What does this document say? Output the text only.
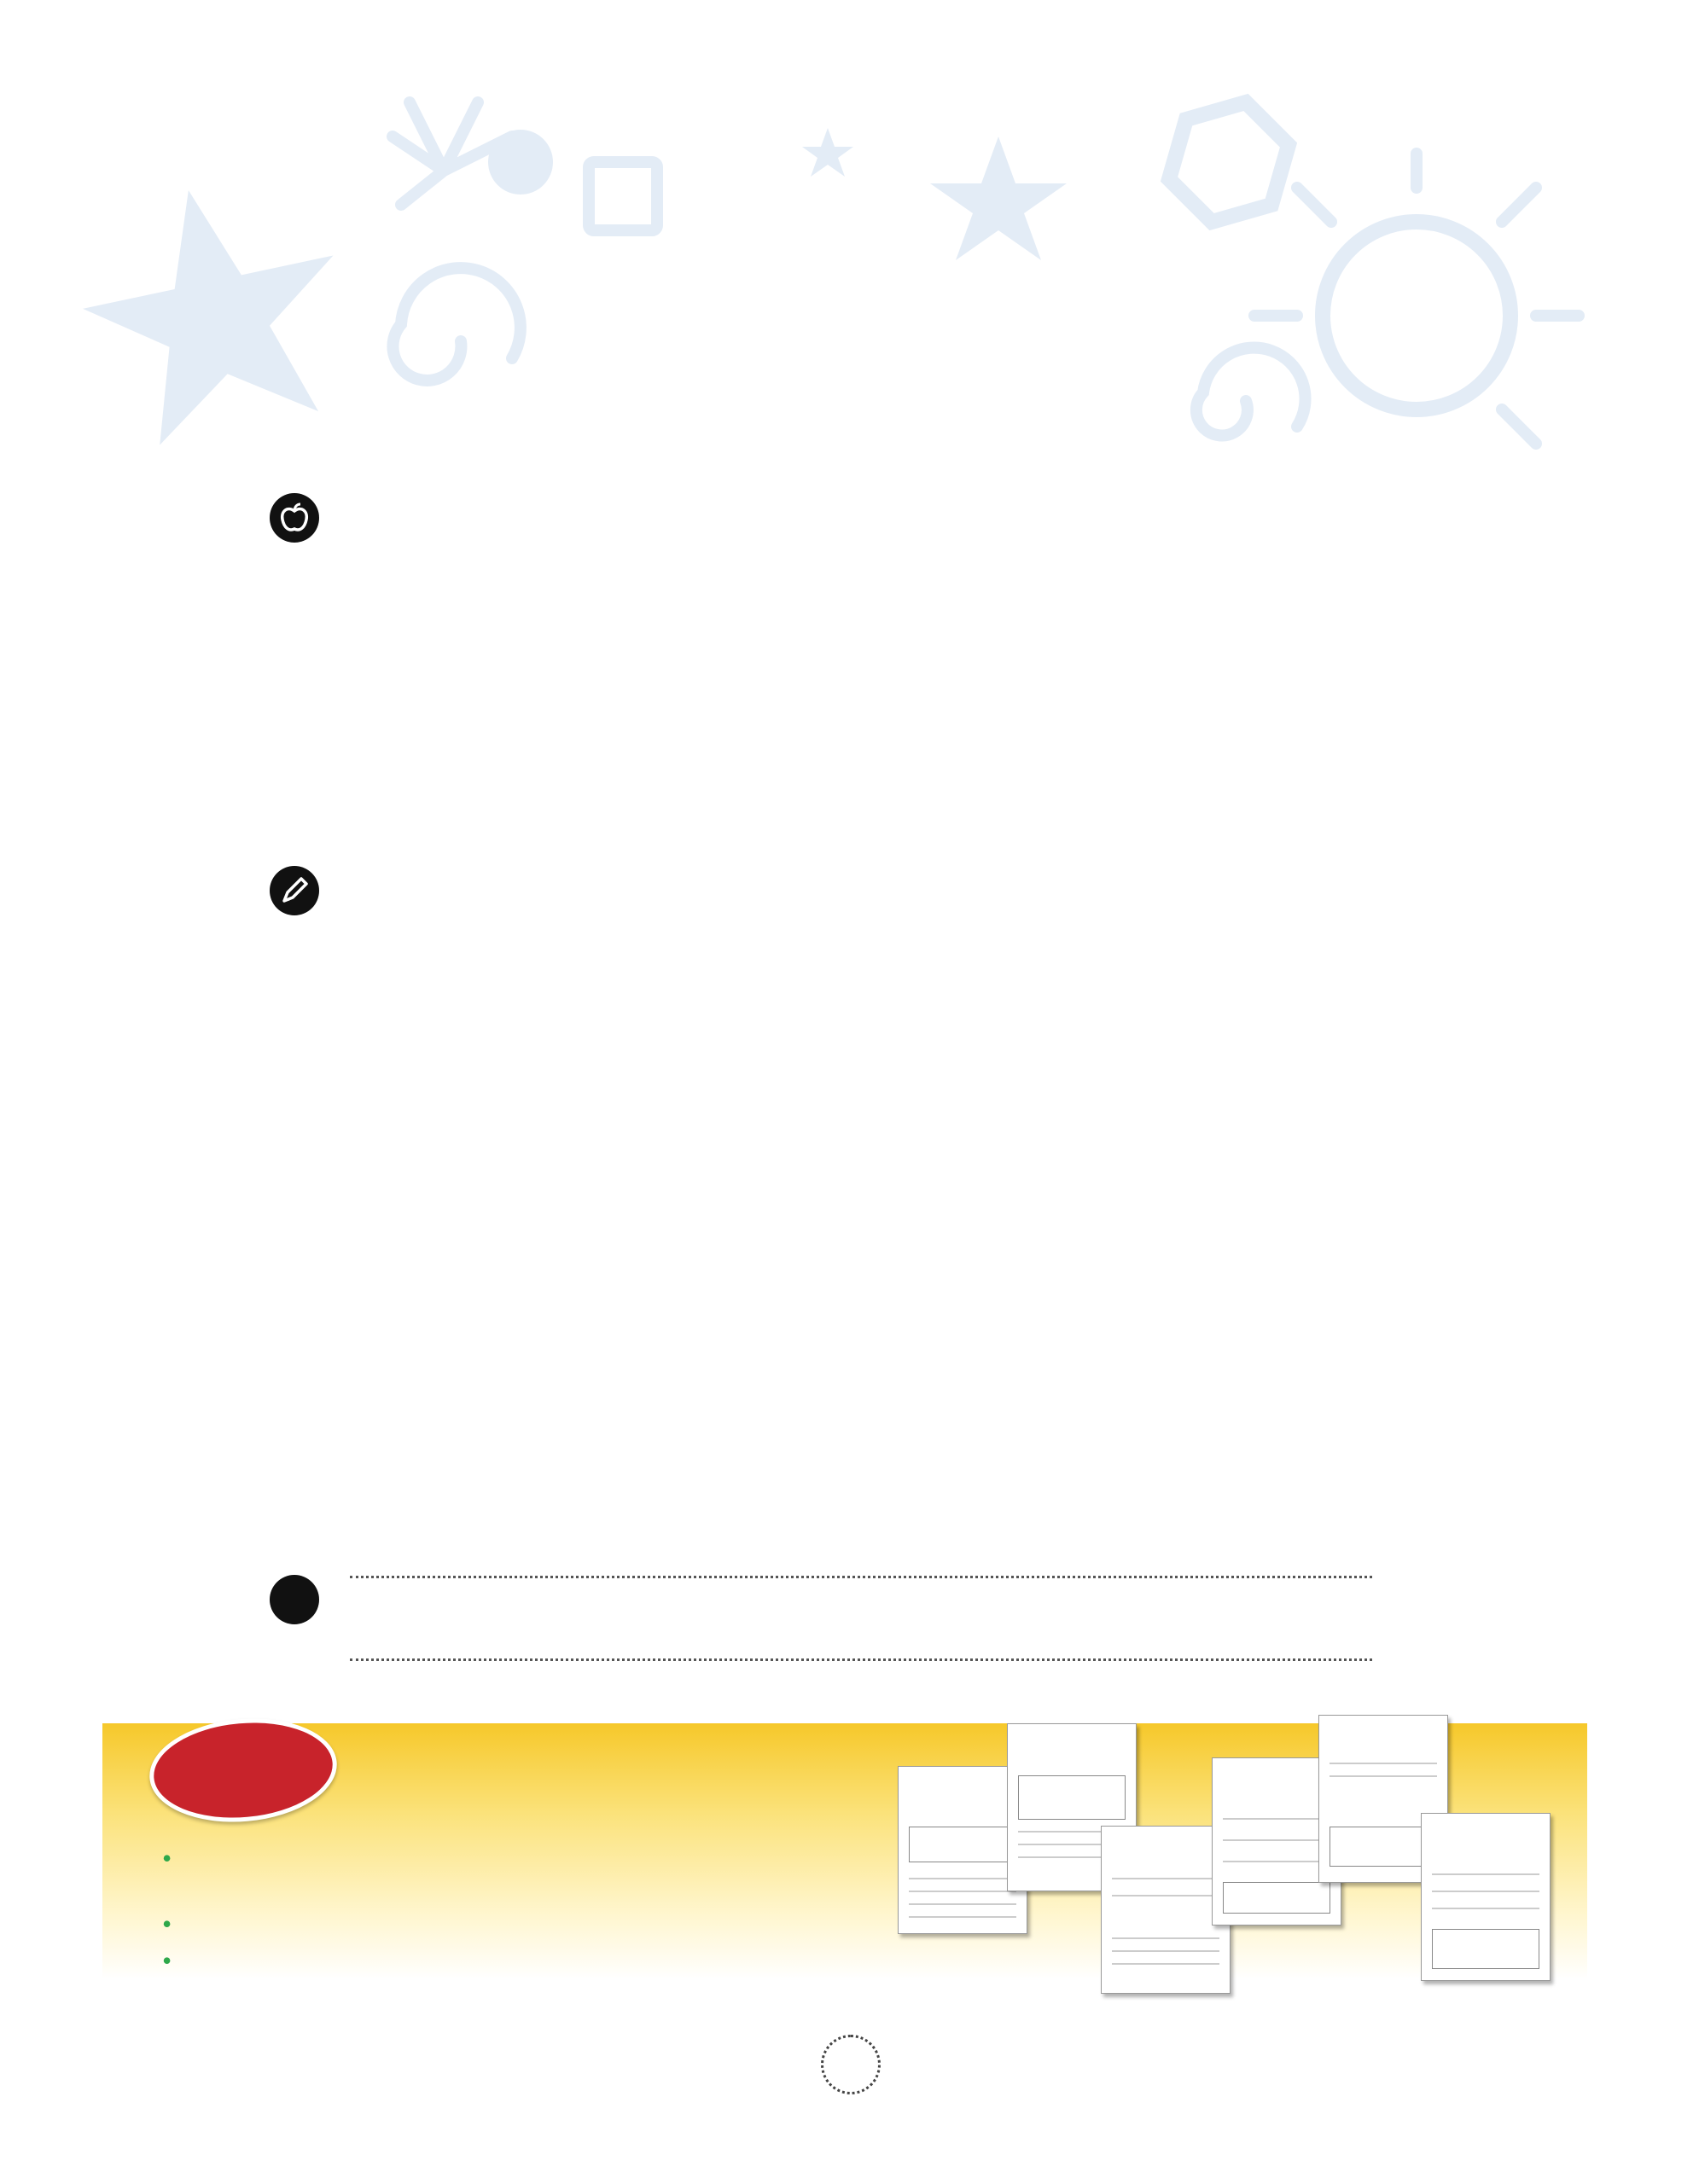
•
•
•
